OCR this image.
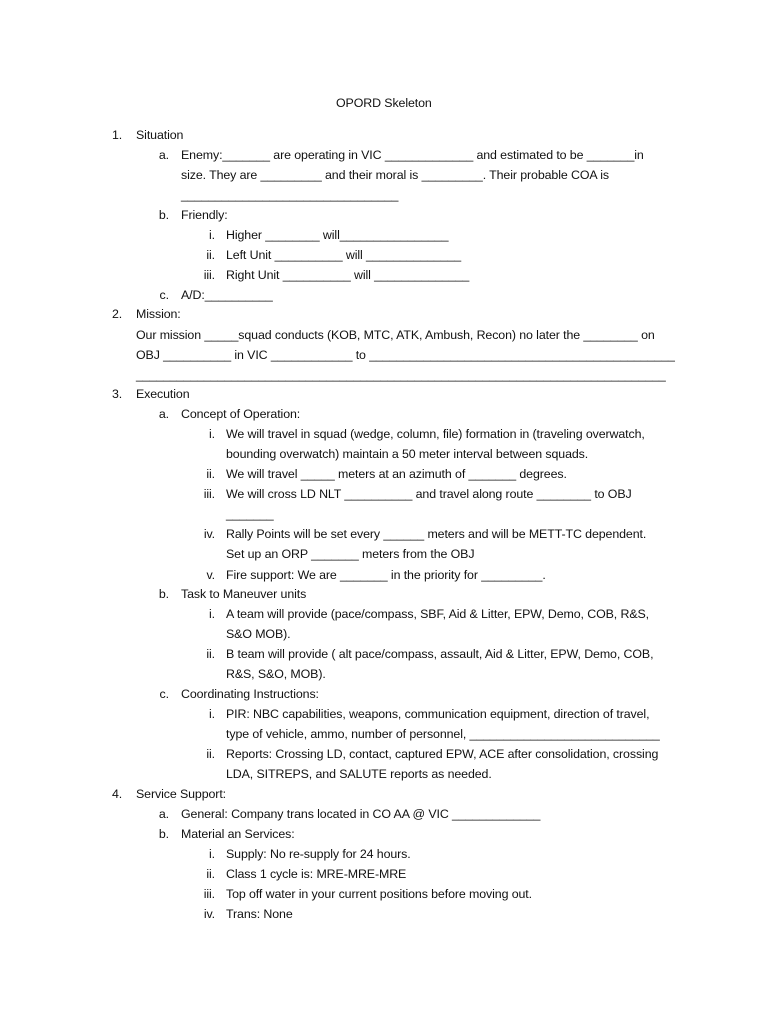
OPORD Skeleton
1. Situation
a. Enemy:_______ are operating in VIC _____________ and estimated to be _______in
size. They are _________ and their moral is _________. Their probable COA is
________________________________
b. Friendly:
i. Higher ________ will________________
ii. Left Unit __________ will ______________
iii. Right Unit __________ will ______________
c. A/D:__________
2. Mission:
Our mission _____squad conducts (KOB, MTC, ATK, Ambush, Recon) no later the ________ on
OBJ __________ in VIC ____________ to _____________________________________________
______________________________________________________________________________
3. Execution
a. Concept of Operation:
i. We will travel in squad (wedge, column, file) formation in (traveling overwatch,
bounding overwatch) maintain a 50 meter interval between squads.
ii. We will travel _____ meters at an azimuth of _______ degrees.
iii. We will cross LD NLT __________ and travel along route ________ to OBJ
_______
iv. Rally Points will be set every ______ meters and will be METT-TC dependent.
Set up an ORP _______ meters from the OBJ
v. Fire support: We are _______ in the priority for _________.
b. Task to Maneuver units
i. A team will provide (pace/compass, SBF, Aid & Litter, EPW, Demo, COB, R&S,
S&O MOB).
ii. B team will provide ( alt pace/compass, assault, Aid & Litter, EPW, Demo, COB,
R&S, S&O, MOB).
c. Coordinating Instructions:
i. PIR: NBC capabilities, weapons, communication equipment, direction of travel,
type of vehicle, ammo, number of personnel, ____________________________
ii. Reports: Crossing LD, contact, captured EPW, ACE after consolidation, crossing
LDA, SITREPS, and SALUTE reports as needed.
4. Service Support:
a. General: Company trans located in CO AA @ VIC _____________
b. Material an Services:
i. Supply: No re-supply for 24 hours.
ii. Class 1 cycle is: MRE-MRE-MRE
iii. Top off water in your current positions before moving out.
iv. Trans: None
